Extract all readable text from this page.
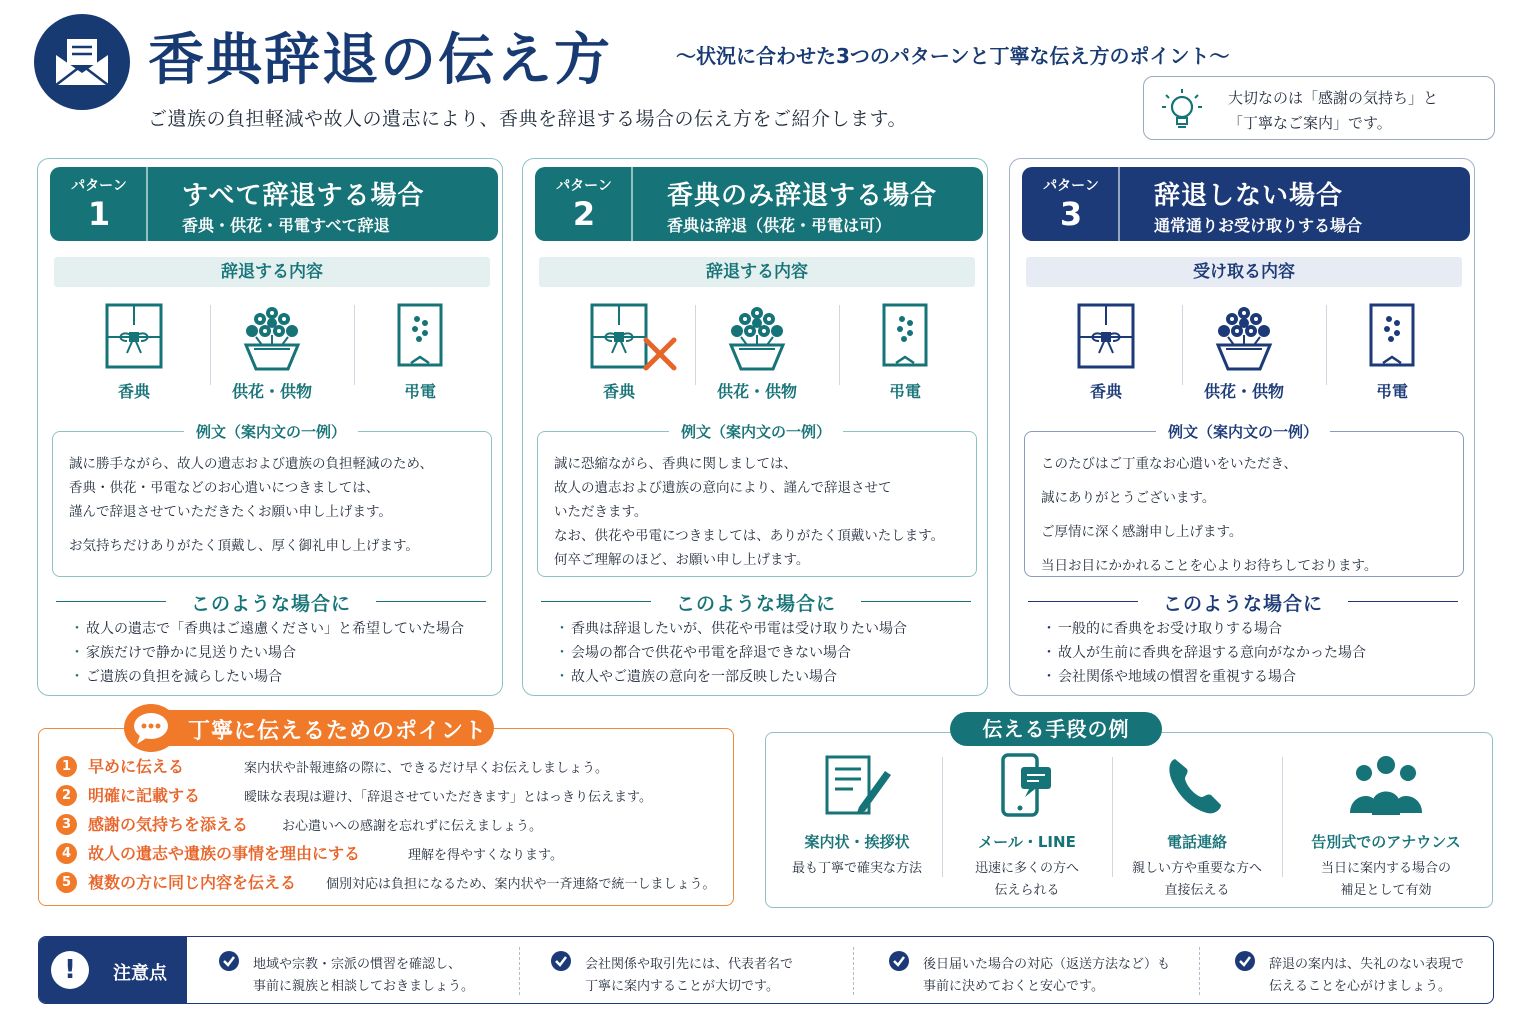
香典辞退の伝え方	〜状況に合わせた3つのパターンと丁寧な伝え方のポイント〜
ご遺族の負担軽減や故人の遺志により、香典を辞退する場合の伝え方をご紹介します。
大切なのは「感謝の気持ち」と
「丁寧なご案内」です。
パターン
1	すべて辞退する場合
香典・供花・弔電すべて辞退
辞退する内容
香典	供花・供物	弔電

誠に勝手ながら、故人の遺志および遺族の負担軽減のため、

香典・供花・弔電などのお心遣いにつきましては、

謹んで辞退させていただきたくお願い申し上げます。

お気持ちだけありがたく頂戴し、厚く御礼申し上げます。

例文（案内文の一例）
このような場合に
・ 故人の遺志で「香典はご遠慮ください」と希望していた場合
・ 家族だけで静かに見送りたい場合
・ ご遺族の負担を減らしたい場合
パターン
2	香典のみ辞退する場合
香典は辞退（供花・弔電は可）
辞退する内容
香典	供花・供物	弔電

誠に恐縮ながら、香典に関しましては、

故人の遺志および遺族の意向により、謹んで辞退させて

いただきます。

なお、供花や弔電につきましては、ありがたく頂戴いたします。

何卒ご理解のほど、お願い申し上げます。

例文（案内文の一例）
このような場合に
・ 香典は辞退したいが、供花や弔電は受け取りたい場合
・ 会場の都合で供花や弔電を辞退できない場合
・ 故人やご遺族の意向を一部反映したい場合
パターン
3	辞退しない場合
通常通りお受け取りする場合
受け取る内容
香典	供花・供物	弔電

このたびはご丁重なお心遣いをいただき、

誠にありがとうございます。

ご厚情に深く感謝申し上げます。

当日お目にかかれることを心よりお待ちしております。

例文（案内文の一例）
このような場合に
・ 一般的に香典をお受け取りする場合
・ 故人が生前に香典を辞退する意向がなかった場合
・ 会社関係や地域の慣習を重視する場合
丁寧に伝えるためのポイント
1	早めに伝える	案内状や訃報連絡の際に、できるだけ早くお伝えしましょう。
2	明確に記載する	曖昧な表現は避け、「辞退させていただきます」とはっきり伝えます。
3	感謝の気持ちを添える	お心遣いへの感謝を忘れずに伝えましょう。
4	故人の遺志や遺族の事情を理由にする	理解を得やすくなります。
5	複数の方に同じ内容を伝える 個別対応は負担になるため、案内状や一斉連絡で統一しましょう。
案内状・挨拶状
最も丁寧で確実な方法
メール・LINE
迅速に多くの方へ
伝えられる
電話連絡
親しい方や重要な方へ
直接伝える
告別式でのアナウンス
当日に案内する場合の
補足として有効
伝える手段の例
!	注意点	地域や宗教・宗派の慣習を確認し、
事前に親族と相談しておきましょう。
会社関係や取引先には、代表者名で
丁寧に案内することが大切です。
後日届いた場合の対応（返送方法など）も
事前に決めておくと安心です。
辞退の案内は、失礼のない表現で
伝えることを心がけましょう。
